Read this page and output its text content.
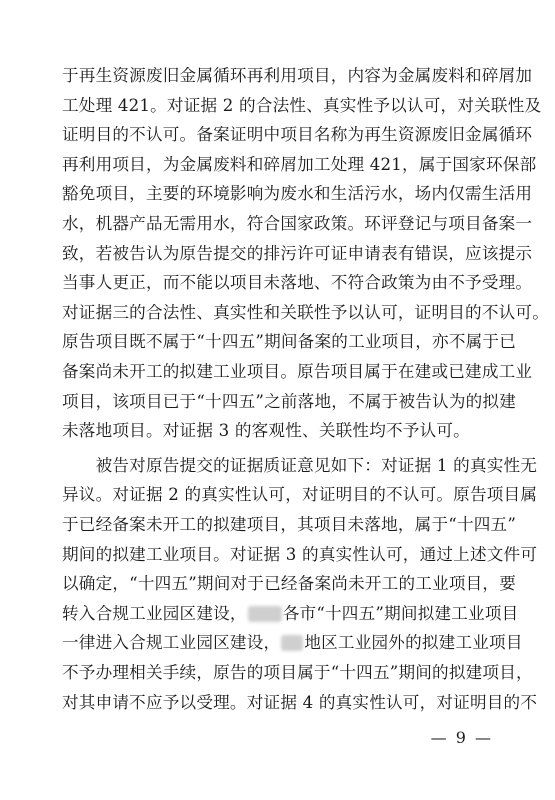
于再生资源废旧金属循环再利用项目，内容为金属废料和碎屑加
工处理 421。对证据 2 的合法性、真实性予以认可，对关联性及
证明目的不认可。备案证明中项目名称为再生资源废旧金属循环
再利用项目，为金属废料和碎屑加工处理 421，属于国家环保部
豁免项目，主要的环境影响为废水和生活污水，场内仅需生活用
水，机器产品无需用水，符合国家政策。环评登记与项目备案一
致，若被告认为原告提交的排污许可证申请表有错误，应该提示
当事人更正，而不能以项目未落地、不符合政策为由不予受理。
对证据三的合法性、真实性和关联性予以认可，证明目的不认可。
原告项目既不属于“十四五”期间备案的工业项目，亦不属于已
备案尚未开工的拟建工业项目。原告项目属于在建或已建成工业
项目，该项目已于“十四五”之前落地，不属于被告认为的拟建
未落地项目。对证据 3 的客观性、关联性均不予认可。
　　被告对原告提交的证据质证意见如下：对证据 1 的真实性无
异议。对证据 2 的真实性认可，对证明目的不认可。原告项目属
于已经备案未开工的拟建项目，其项目未落地，属于“十四五”
期间的拟建工业项目。对证据 3 的真实性认可，通过上述文件可
以确定，“十四五”期间对于已经备案尚未开工的工业项目，要
转入合规工业园区建设， 各市“十四五”期间拟建工业项目
一律进入合规工业园区建设， 地区工业园外的拟建工业项目
不予办理相关手续，原告的项目属于“十四五”期间的拟建项目，
对其申请不应予以受理。对证据 4 的真实性认可，对证明目的不
— 9 —
